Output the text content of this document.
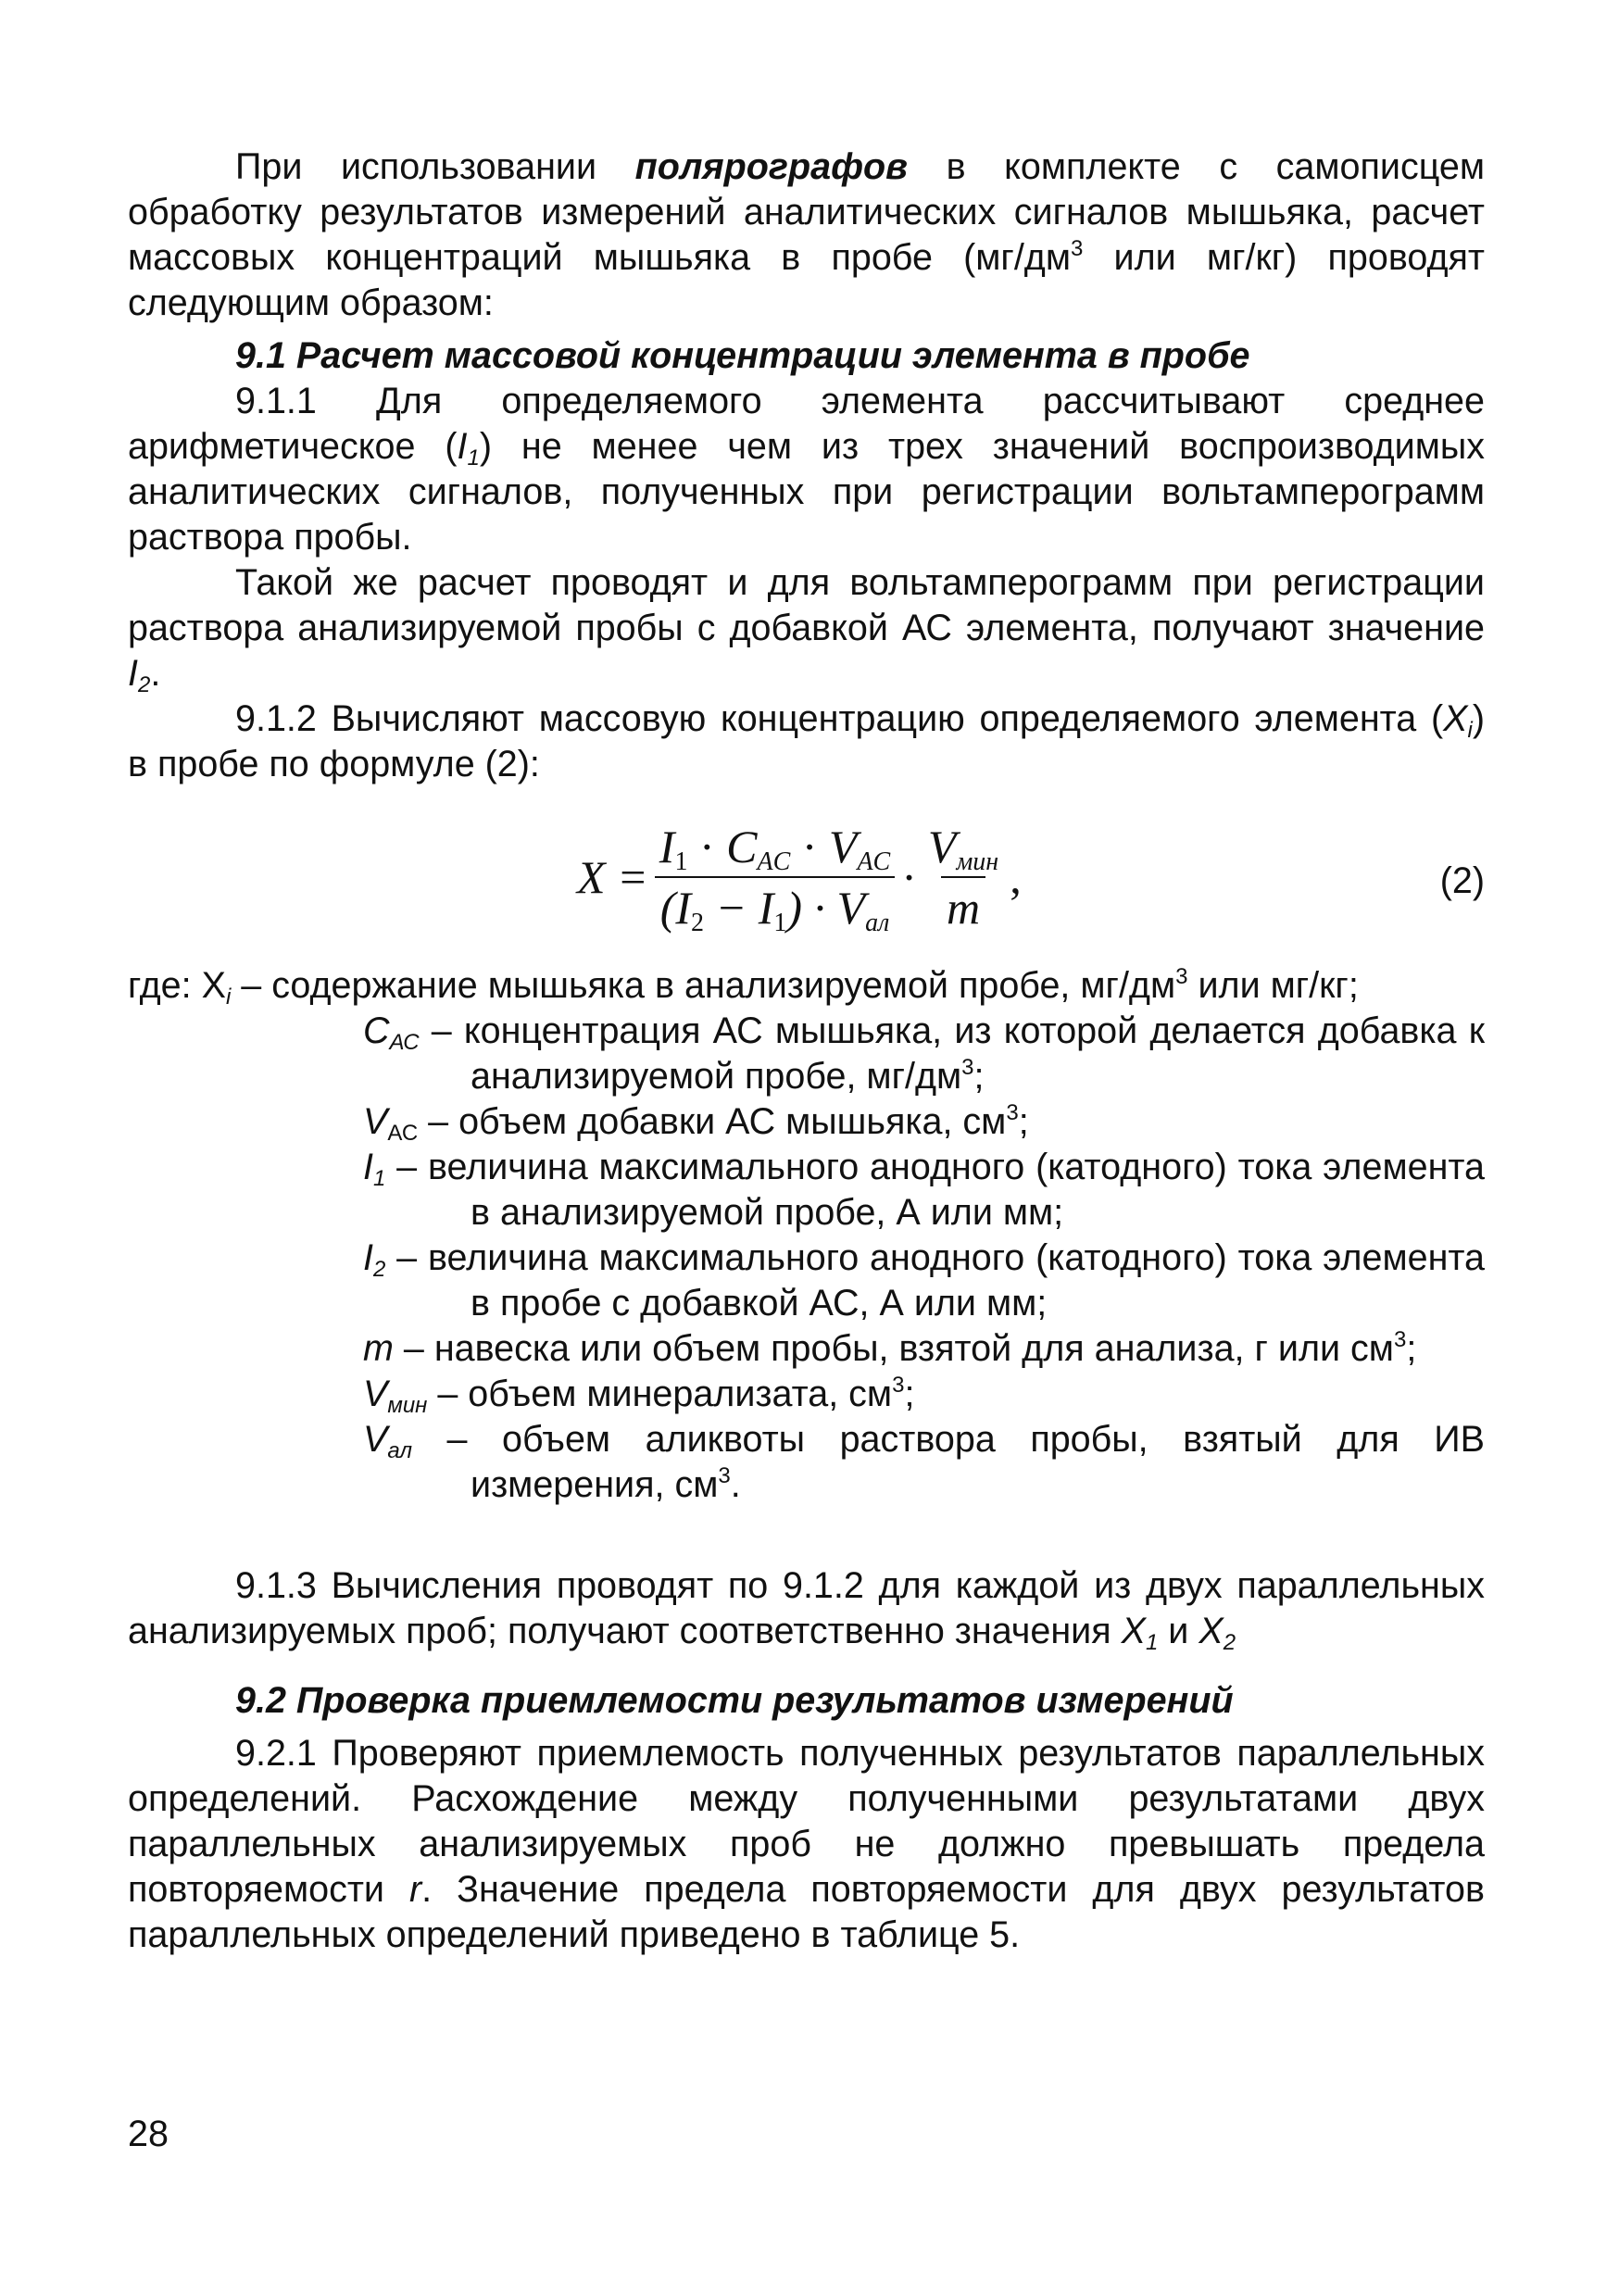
При использовании полярографов в комплекте с самописцем обработку результатов измерений аналитических сигналов мышьяка, расчет массовых концентраций мышьяка в пробе ($мг/дм^3$ или мг/кг) проводят следующим образом:

9.1 Расчет массовой концентрации элемента в пробе

9.1.1 Для определяемого элемента рассчитывают среднее арифметическое $(I_1)$ не менее чем из трех значений воспроизводимых аналитических сигналов, полученных при регистрации вольтамперограмм раствора пробы.

Такой же расчет проводят и для вольтамперограмм при регистрации раствора анализируемой пробы с добавкой АС элемента, получают значение $I_2$.

9.1.2 Вычисляют массовую концентрацию определяемого элемента $(X_i)$ в пробе по формуле (2):

$X = \frac{I_1 \cdot C_{AC} \cdot V_{AC}}{(I_2 - I_1) \cdot V_{ал}} \cdot \frac{V_{мин}}{m}$ ,	(2)

где: $X_i$ – содержание мышьяка в анализируемой пробе, $мг/дм^3$ или мг/кг;

$C_{АС}$ – концентрация АС мышьяка, из которой делается добавка к анализируемой пробе, $мг/дм^3$;

$V_{АС}$ – объем добавки АС мышьяка, $см^3$;

$I_1$ – величина максимального анодного (катодного) тока элемента в анализируемой пробе, А или мм;

$I_2$ – величина максимального анодного (катодного) тока элемента в пробе с добавкой АС, А или мм;

m – навеска или объем пробы, взятой для анализа, г или $см^3$;

$V_{мин}$ – объем минерализата, $см^3$;

$V_{ал}$ – объем аликвоты раствора пробы, взятый для ИВ измерения, $см^3$.

9.1.3 Вычисления проводят по 9.1.2 для каждой из двух параллельных анализируемых проб; получают соответственно значения $X_1$ и $X_2$

9.2 Проверка приемлемости результатов измерений

9.2.1 Проверяют приемлемость полученных результатов параллельных определений. Расхождение между полученными результатами двух параллельных анализируемых проб не должно превышать предела повторяемости r. Значение предела повторяемости для двух результатов параллельных определений приведено в таблице 5.

28
